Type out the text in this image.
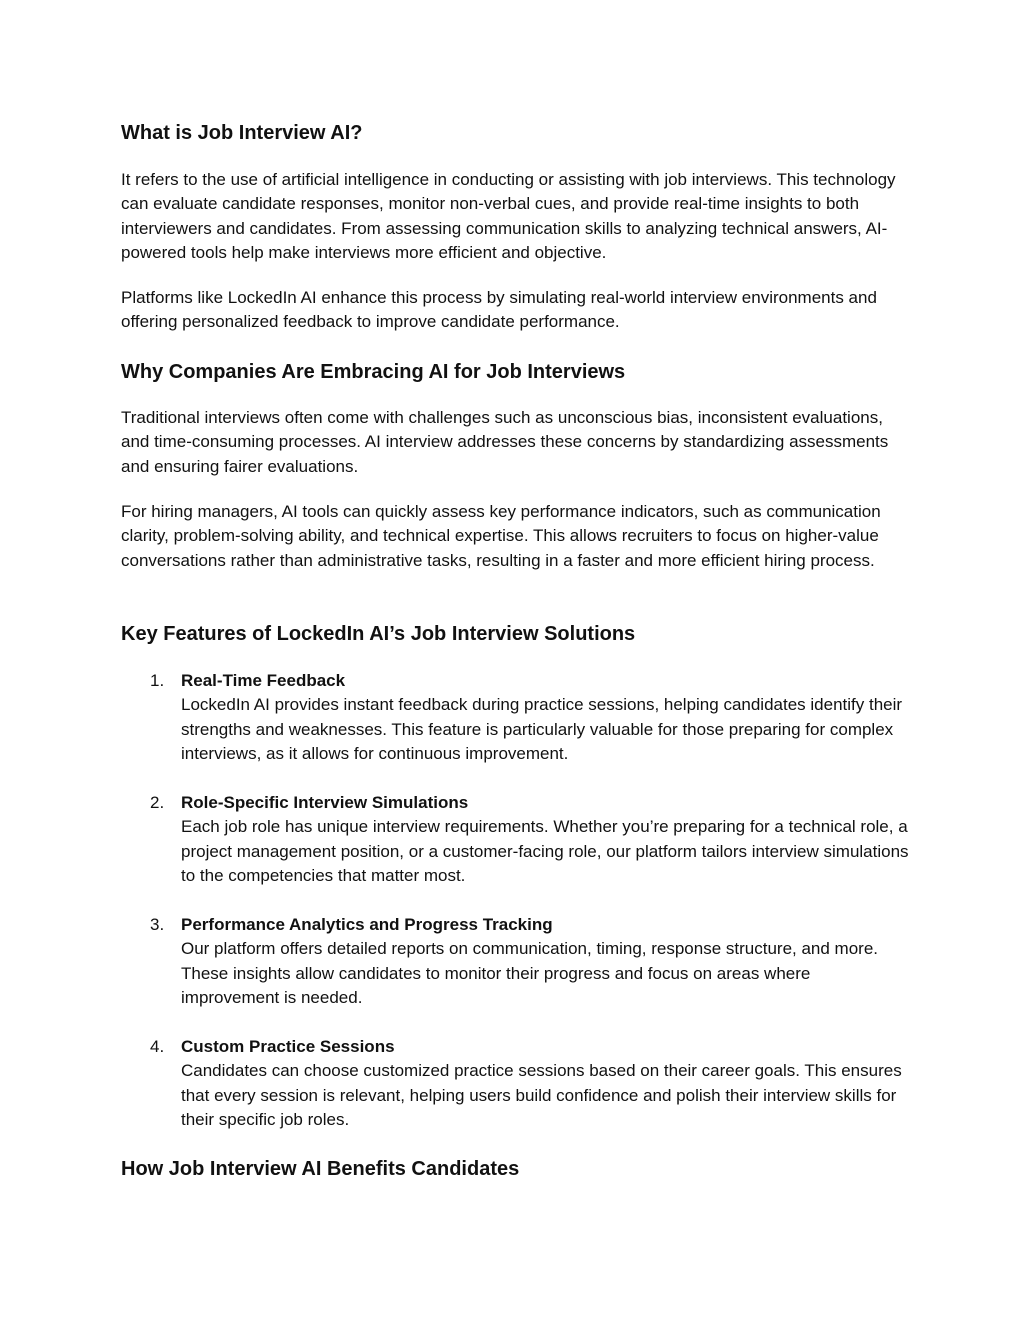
What is Job Interview AI?

It refers to the use of artificial intelligence in conducting or assisting with job interviews. This technology can evaluate candidate responses, monitor non-verbal cues, and provide real-time insights to both interviewers and candidates. From assessing communication skills to analyzing technical answers, AI-powered tools help make interviews more efficient and objective.

Platforms like LockedIn AI enhance this process by simulating real-world interview environments and offering personalized feedback to improve candidate performance.

Why Companies Are Embracing AI for Job Interviews

Traditional interviews often come with challenges such as unconscious bias, inconsistent evaluations, and time-consuming processes. AI interview addresses these concerns by standardizing assessments and ensuring fairer evaluations.

For hiring managers, AI tools can quickly assess key performance indicators, such as communication clarity, problem-solving ability, and technical expertise. This allows recruiters to focus on higher-value conversations rather than administrative tasks, resulting in a faster and more efficient hiring process.

Key Features of LockedIn AI’s Job Interview Solutions
1. Real-Time Feedback
LockedIn AI provides instant feedback during practice sessions, helping candidates identify their strengths and weaknesses. This feature is particularly valuable for those preparing for complex interviews, as it allows for continuous improvement.
2. Role-Specific Interview Simulations
Each job role has unique interview requirements. Whether you’re preparing for a technical role, a project management position, or a customer-facing role, our platform tailors interview simulations to the competencies that matter most.
3. Performance Analytics and Progress Tracking
Our platform offers detailed reports on communication, timing, response structure, and more. These insights allow candidates to monitor their progress and focus on areas where improvement is needed.
4. Custom Practice Sessions
Candidates can choose customized practice sessions based on their career goals. This ensures that every session is relevant, helping users build confidence and polish their interview skills for their specific job roles.
How Job Interview AI Benefits Candidates
